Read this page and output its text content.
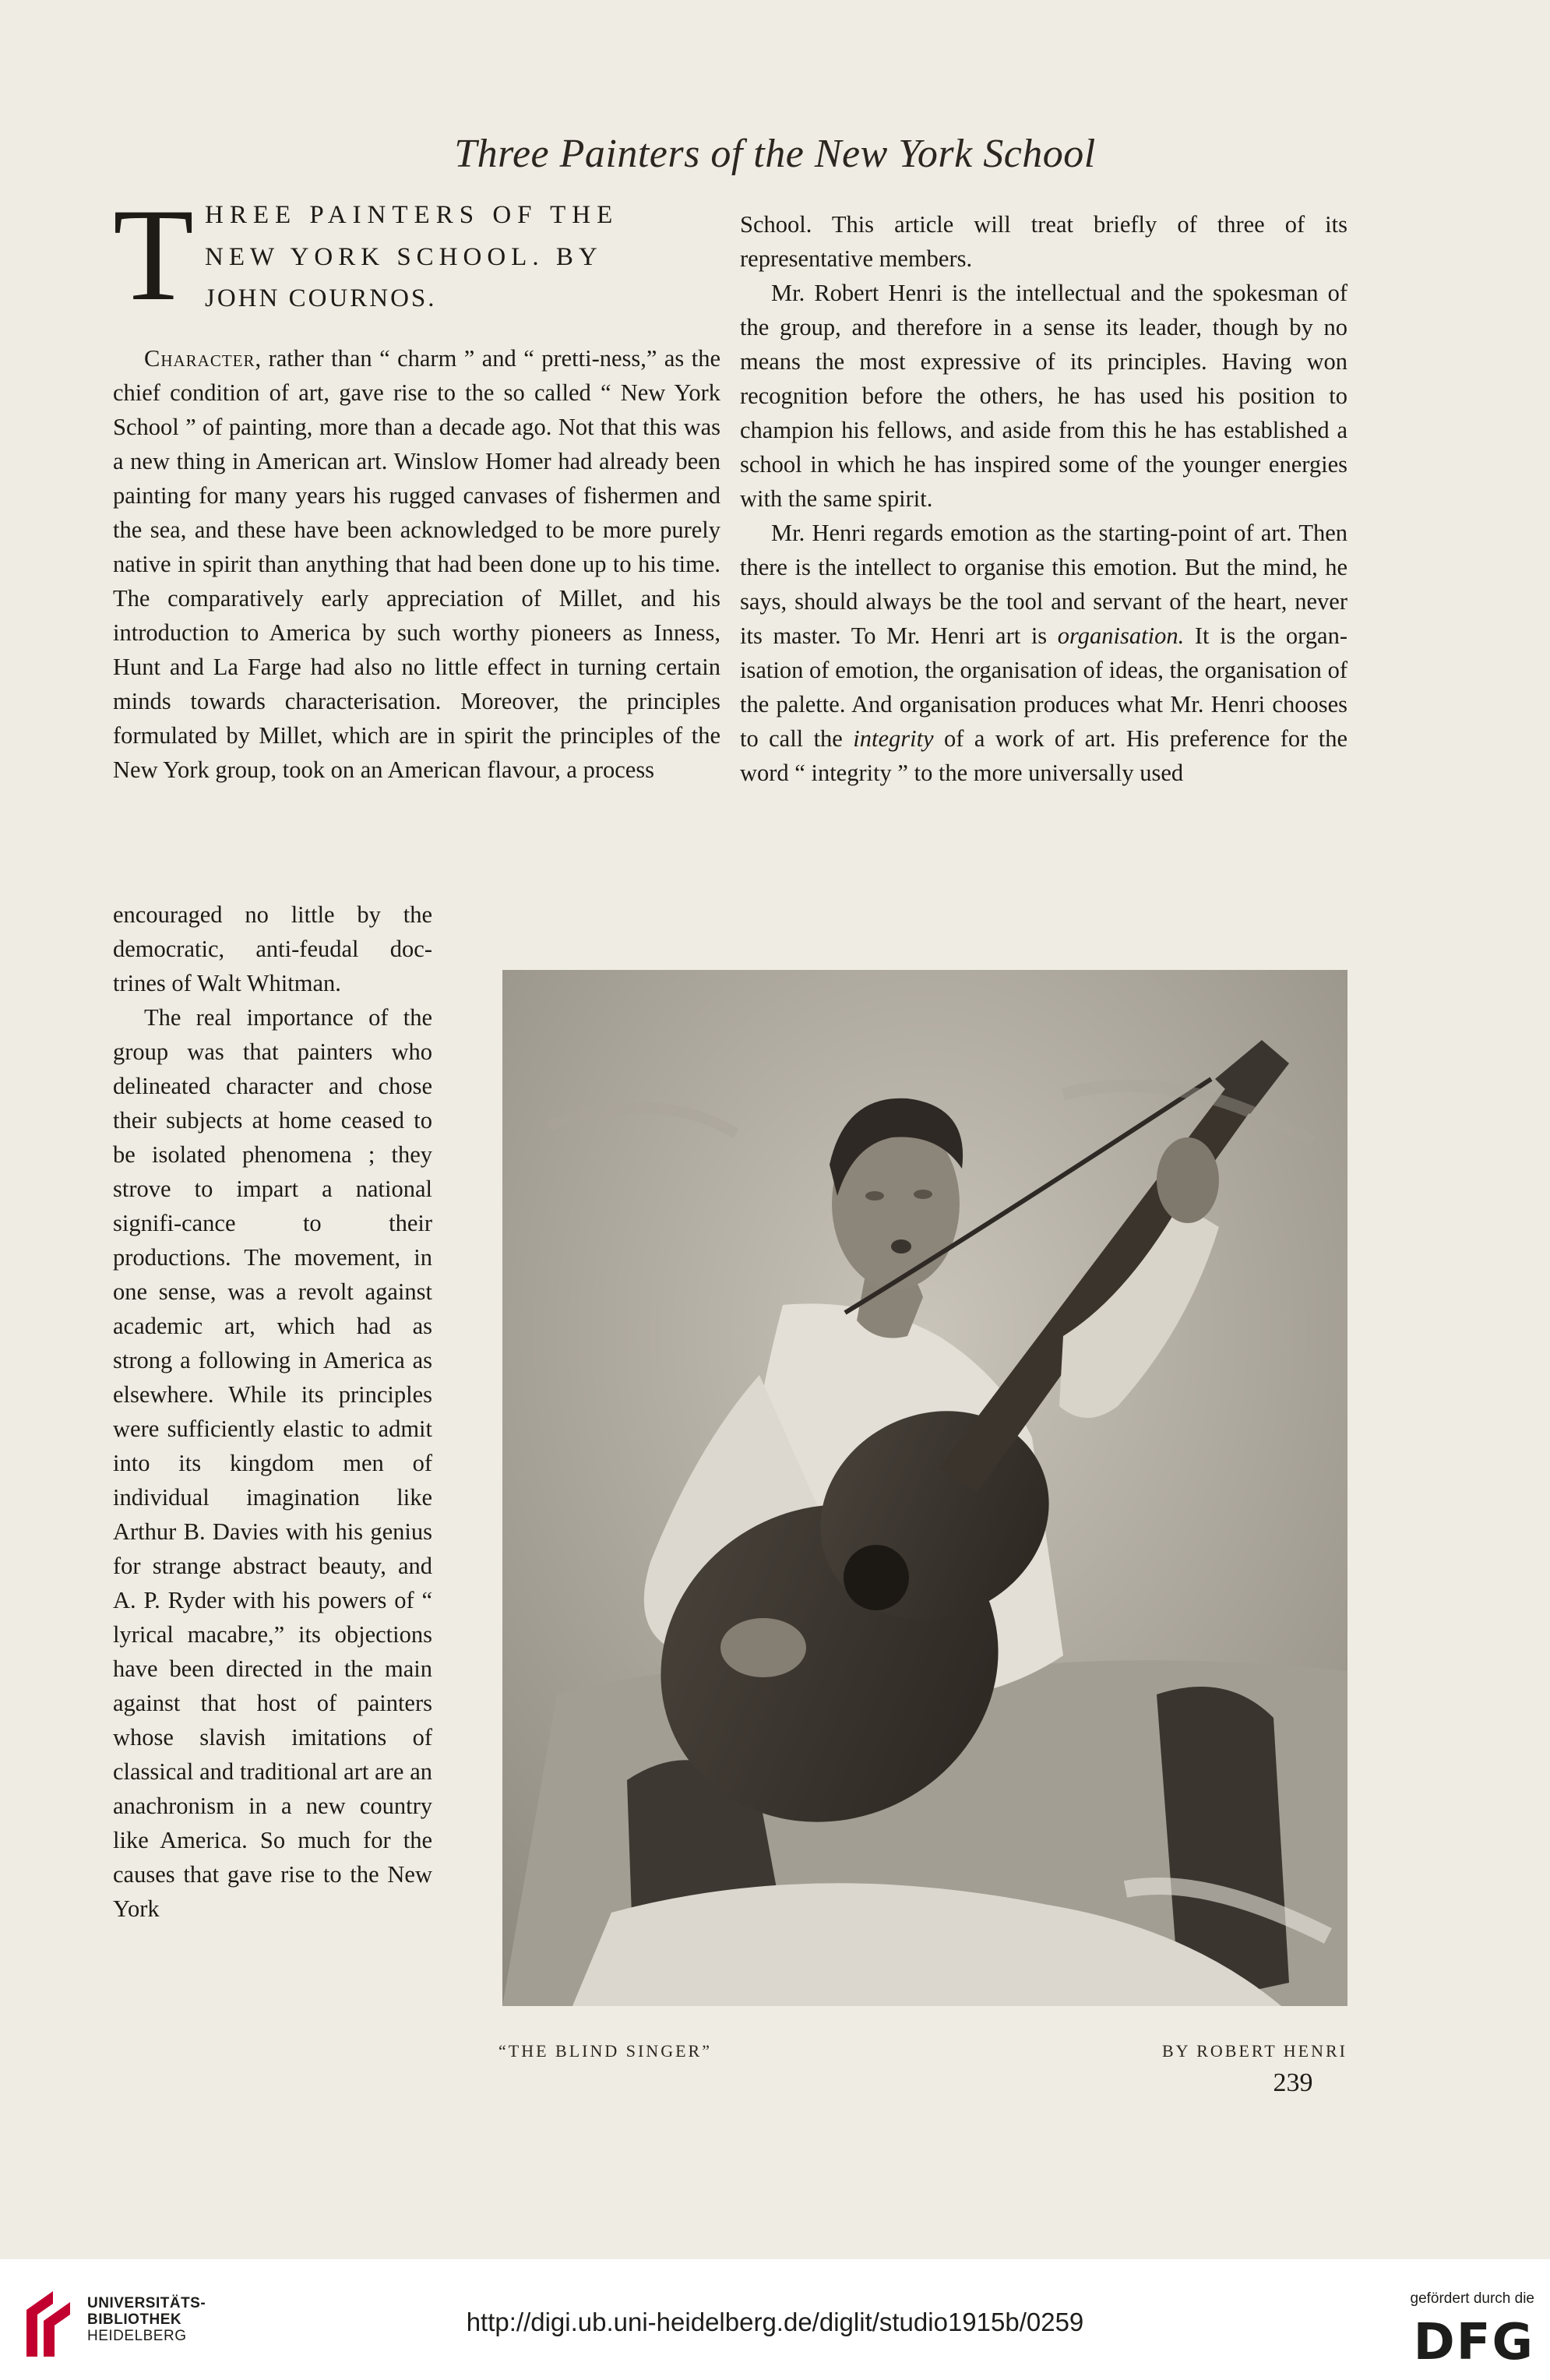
Three Painters of the New York School
T HREE PAINTERS OF THE
NEW YORK SCHOOL. BY
JOHN COURNOS.

Character, rather than “ charm ” and “ pretti-ness,” as the chief condition of art, gave rise to the so called “ New York School ” of painting, more than a decade ago. Not that this was a new thing in American art. Winslow Homer had already been painting for many years his rugged canvases of fishermen and the sea, and these have been acknowledged to be more purely native in spirit than anything that had been done up to his time. The comparatively early appreciation of Millet, and his introduction to America by such worthy pioneers as Inness, Hunt and La Farge had also no little effect in turning certain minds towards characterisation. Moreover, the principles formulated by Millet, which are in spirit the principles of the New York group, took on an American flavour, a process

encouraged no little by the democratic, anti-feudal doc-trines of Walt Whitman.

The real importance of the group was that painters who delineated character and chose their subjects at home ceased to be isolated phenomena ; they strove to impart a national signifi-cance to their productions. The movement, in one sense, was a revolt against academic art, which had as strong a following in America as elsewhere. While its principles were sufficiently elastic to admit into its kingdom men of individual imagination like Arthur B. Davies with his genius for strange abstract beauty, and A. P. Ryder with his powers of “ lyrical macabre,” its objections have been directed in the main against that host of painters whose slavish imitations of classical and traditional art are an anachronism in a new country like America. So much for the causes that gave rise to the New York

School. This article will treat briefly of three of its representative members.

Mr. Robert Henri is the intellectual and the spokesman of the group, and therefore in a sense its leader, though by no means the most expressive of its principles. Having won recognition before the others, he has used his position to champion his fellows, and aside from this he has established a school in which he has inspired some of the younger energies with the same spirit.

Mr. Henri regards emotion as the starting-point of art. Then there is the intellect to organise this emotion. But the mind, he says, should always be the tool and servant of the heart, never its master. To Mr. Henri art is organisation. It is the organ-isation of emotion, the organisation of ideas, the organisation of the palette. And organisation produces what Mr. Henri chooses to call the integrity of a work of art. His preference for the word “ integrity ” to the more universally used

“THE BLIND SINGER”	BY ROBERT HENRI
239
UNIVERSITÄTS-
BIBLIOTHEK
HEIDELBERG	http://digi.ub.uni-heidelberg.de/diglit/studio1915b/0259
gefördert durch die
DFG
